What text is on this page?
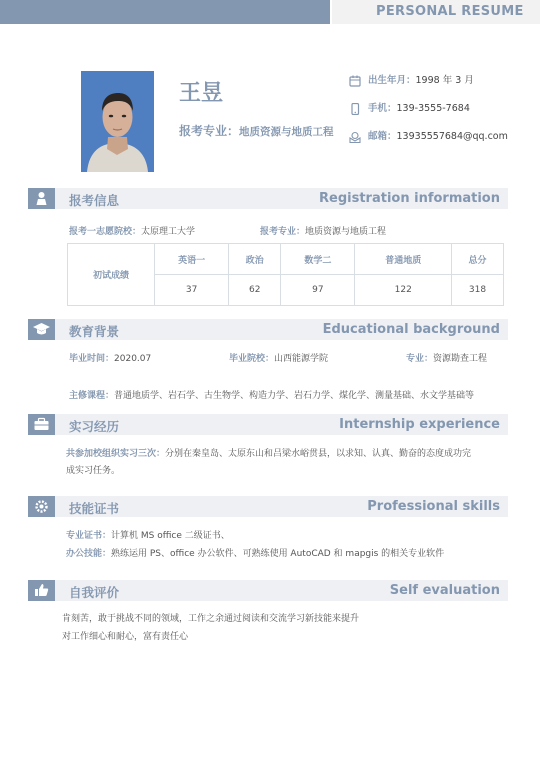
PERSONAL RESUME
王昱
报考专业：地质资源与地质工程
出生年月：1998 年 3 月
手机：139-3555-7684
邮箱：13935557684@qq.com
报考信息	Registration information
报考一志愿院校：太原理工大学	报考专业：地质资源与地质工程
初试成绩	英语一	政治	数学二	普通地质	总分
	37	62	97	122	318
教育背景	Educational background
毕业时间：2020.07	毕业院校：山西能源学院	专业：资源勘查工程
主修课程：普通地质学、岩石学、古生物学、构造力学、岩石力学、煤化学、测量基础、水文学基础等
实习经历	Internship experience
共参加校组织实习三次：分别在秦皇岛、太原东山和吕梁水峪贯县，以求知、认真、勤奋的态度成功完
成实习任务。
技能证书	Professional skills
专业证书：计算机 MS office 二级证书、
办公技能：熟练运用 PS、office 办公软件、可熟练使用 AutoCAD 和 mapgis 的相关专业软件
自我评价	Self evaluation
肯刻苦，敢于挑战不同的领域，工作之余通过阅读和交流学习新技能来提升
对工作细心和耐心，富有责任心
